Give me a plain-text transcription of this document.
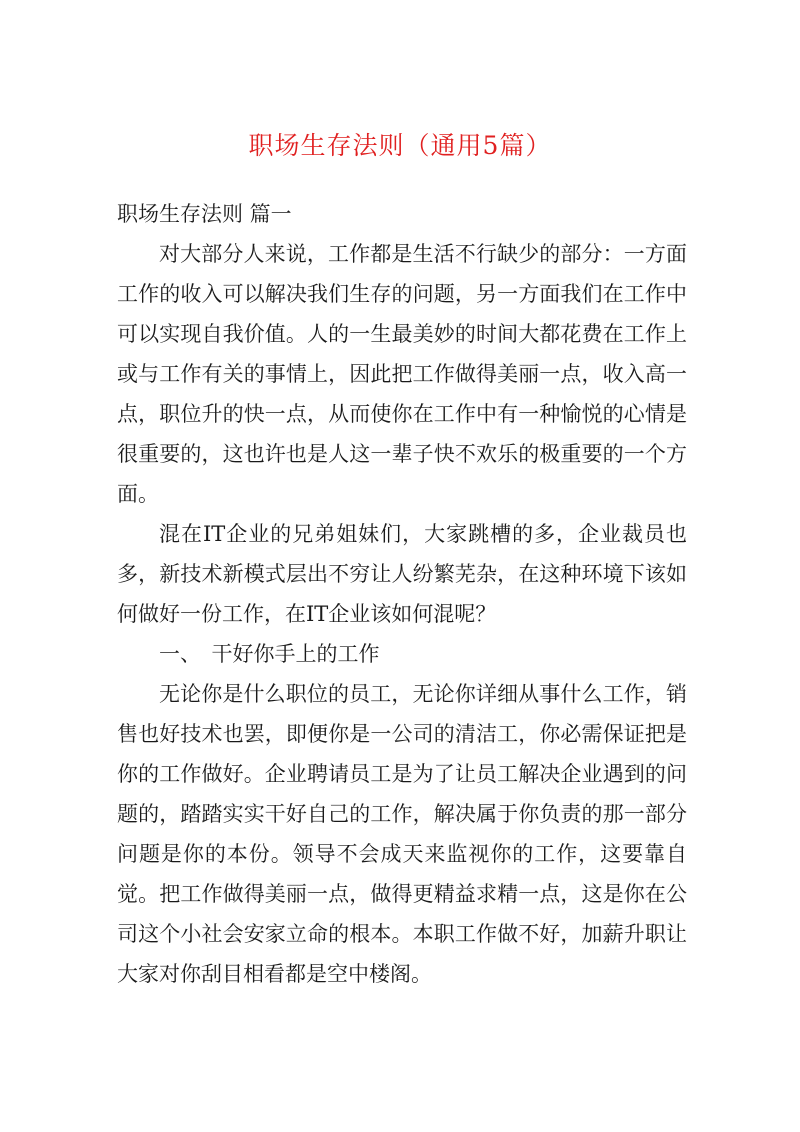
职场生存法则（通用5篇）

职场生存法则 篇一

对大部分人来说，工作都是生活不行缺少的部分：一方面工作的收入可以解决我们生存的问题，另一方面我们在工作中可以实现自我价值。人的一生最美妙的时间大都花费在工作上或与工作有关的事情上，因此把工作做得美丽一点，收入高一点，职位升的快一点，从而使你在工作中有一种愉悦的心情是很重要的，这也许也是人这一辈子快不欢乐的极重要的一个方面。

混在IT企业的兄弟姐妹们，大家跳槽的多，企业裁员也多，新技术新模式层出不穷让人纷繁芜杂，在这种环境下该如何做好一份工作，在IT企业该如何混呢？

一、　干好你手上的工作

无论你是什么职位的员工，无论你详细从事什么工作，销售也好技术也罢，即便你是一公司的清洁工，你必需保证把是你的工作做好。企业聘请员工是为了让员工解决企业遇到的问题的，踏踏实实干好自己的工作，解决属于你负责的那一部分问题是你的本份。领导不会成天来监视你的工作，这要靠自觉。把工作做得美丽一点，做得更精益求精一点，这是你在公司这个小社会安家立命的根本。本职工作做不好，加薪升职让大家对你刮目相看都是空中楼阁。
